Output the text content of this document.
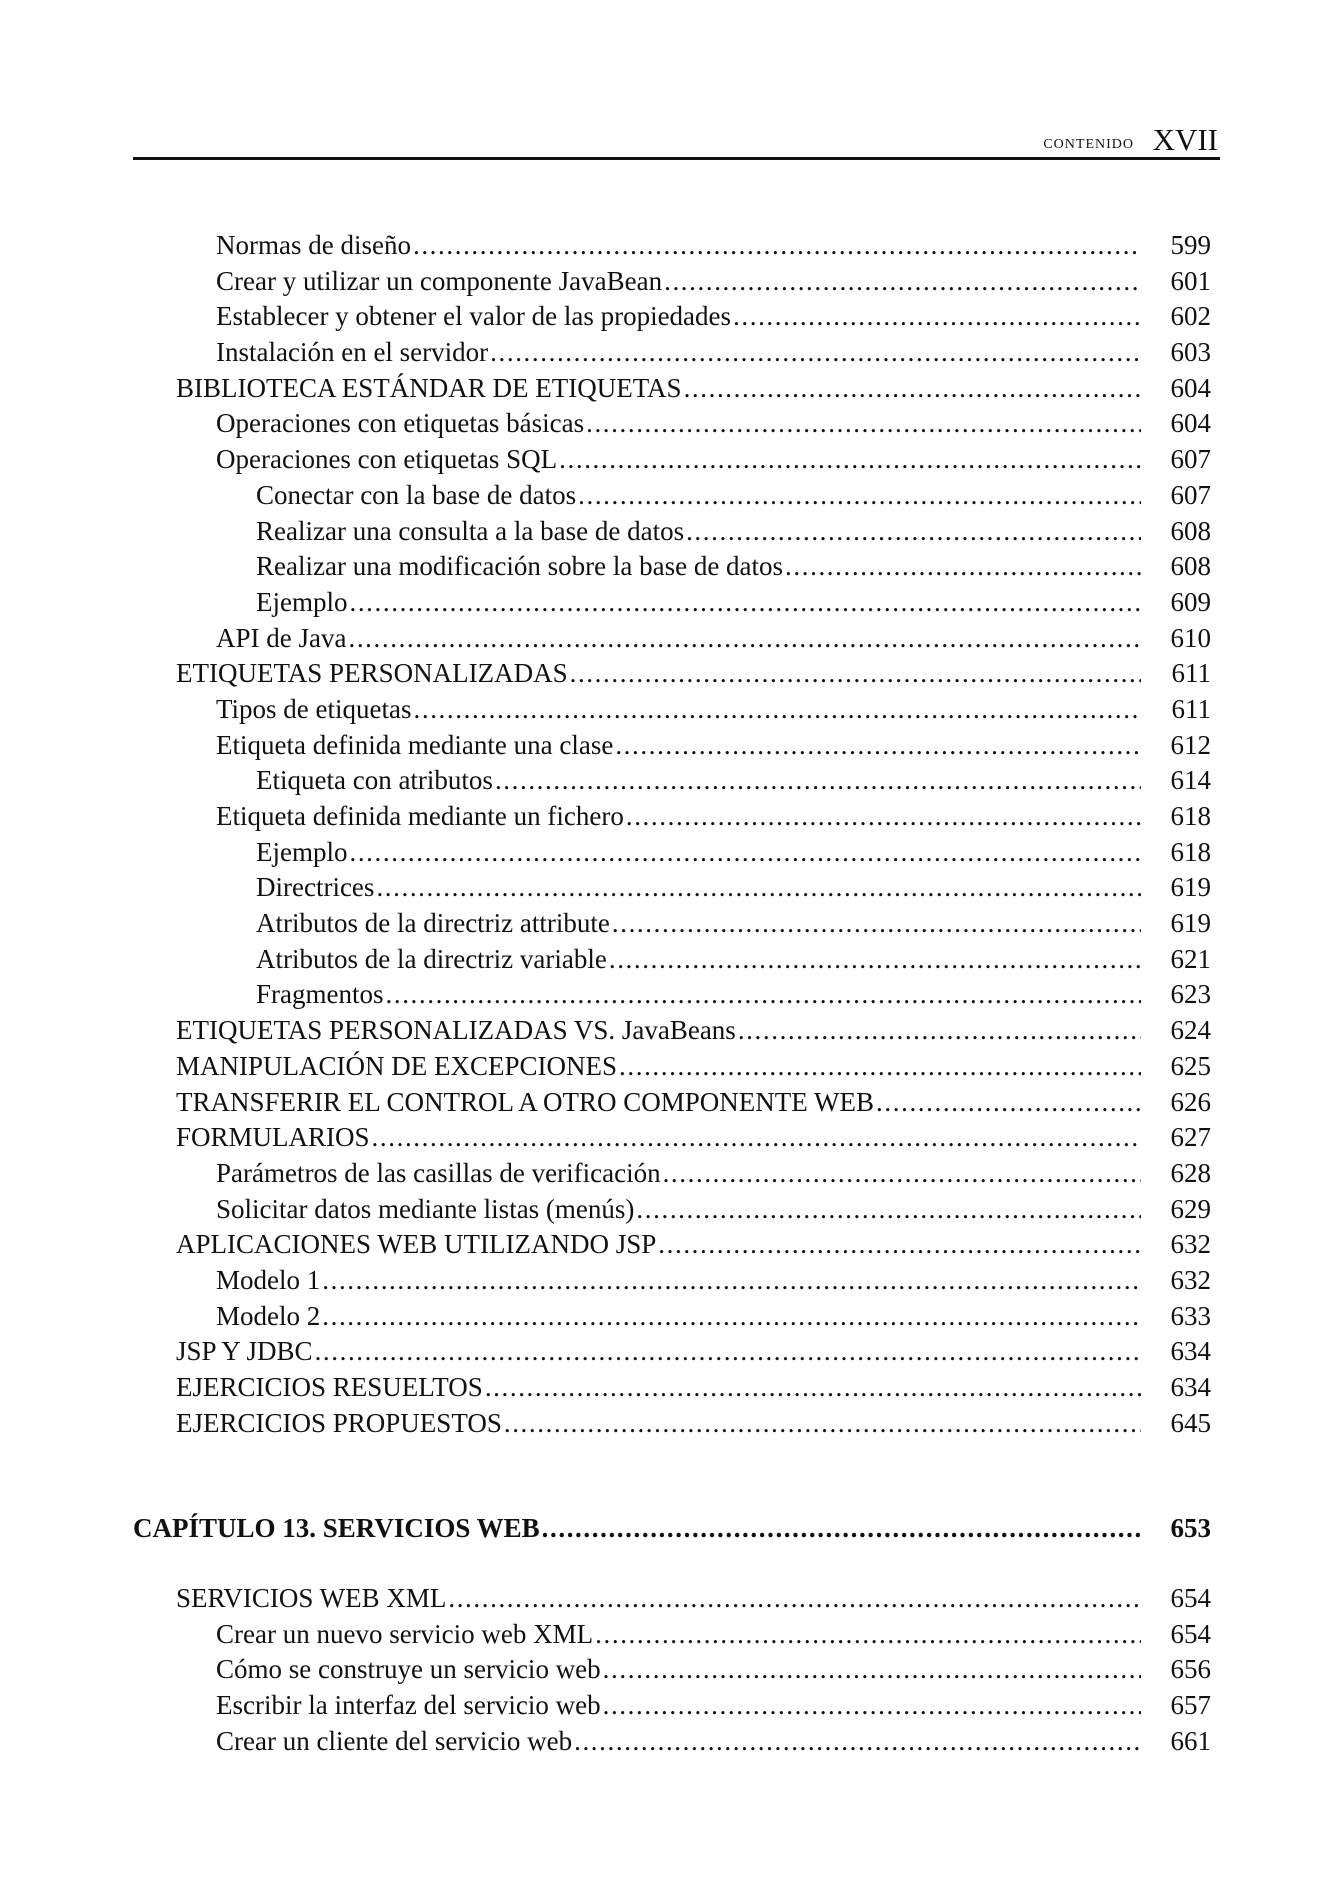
contenido XVII
Normas de diseño .....	599
Crear y utilizar un componente JavaBean .....	601
Establecer y obtener el valor de las propiedades .....	602
Instalación en el servidor .....	603
BIBLIOTECA ESTÁNDAR DE ETIQUETAS .....	604
Operaciones con etiquetas básicas .....	604
Operaciones con etiquetas SQL .....	607
Conectar con la base de datos .....	607
Realizar una consulta a la base de datos .....	608
Realizar una modificación sobre la base de datos .....	608
Ejemplo .....	609
API de Java .....	610
ETIQUETAS PERSONALIZADAS .....	611
Tipos de etiquetas .....	611
Etiqueta definida mediante una clase .....	612
Etiqueta con atributos .....	614
Etiqueta definida mediante un fichero .....	618
Ejemplo .....	618
Directrices .....	619
Atributos de la directriz attribute .....	619
Atributos de la directriz variable .....	621
Fragmentos .....	623
ETIQUETAS PERSONALIZADAS VS. JavaBeans .....	624
MANIPULACIÓN DE EXCEPCIONES .....	625
TRANSFERIR EL CONTROL A OTRO COMPONENTE WEB .....	626
FORMULARIOS .....	627
Parámetros de las casillas de verificación .....	628
Solicitar datos mediante listas (menús) .....	629
APLICACIONES WEB UTILIZANDO JSP .....	632
Modelo 1 .....	632
Modelo 2 .....	633
JSP Y JDBC .....	634
EJERCICIOS RESUELTOS .....	634
EJERCICIOS PROPUESTOS .....	645
CAPÍTULO 13. SERVICIOS WEB .....	653
SERVICIOS WEB XML .....	654
Crear un nuevo servicio web XML .....	654
Cómo se construye un servicio web .....	656
Escribir la interfaz del servicio web .....	657
Crear un cliente del servicio web .....	661
